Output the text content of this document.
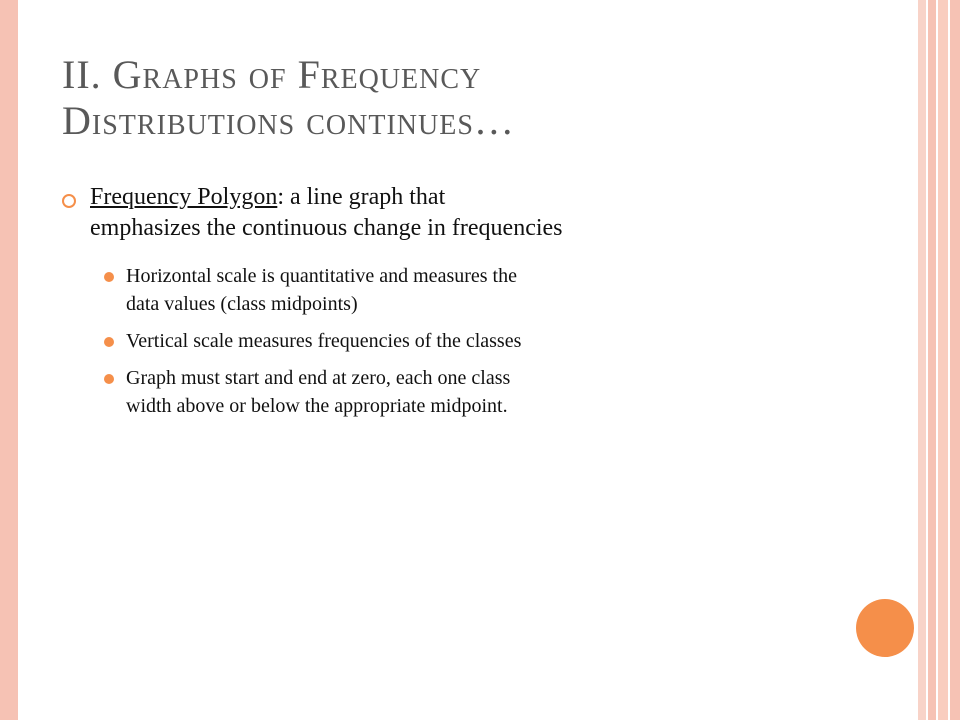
II. Graphs of Frequency
Distributions continues…
Frequency Polygon: a line graph that
emphasizes the continuous change in frequencies
Horizontal scale is quantitative and measures the
data values (class midpoints)
Vertical scale measures frequencies of the classes
Graph must start and end at zero, each one class
width above or below the appropriate midpoint.
